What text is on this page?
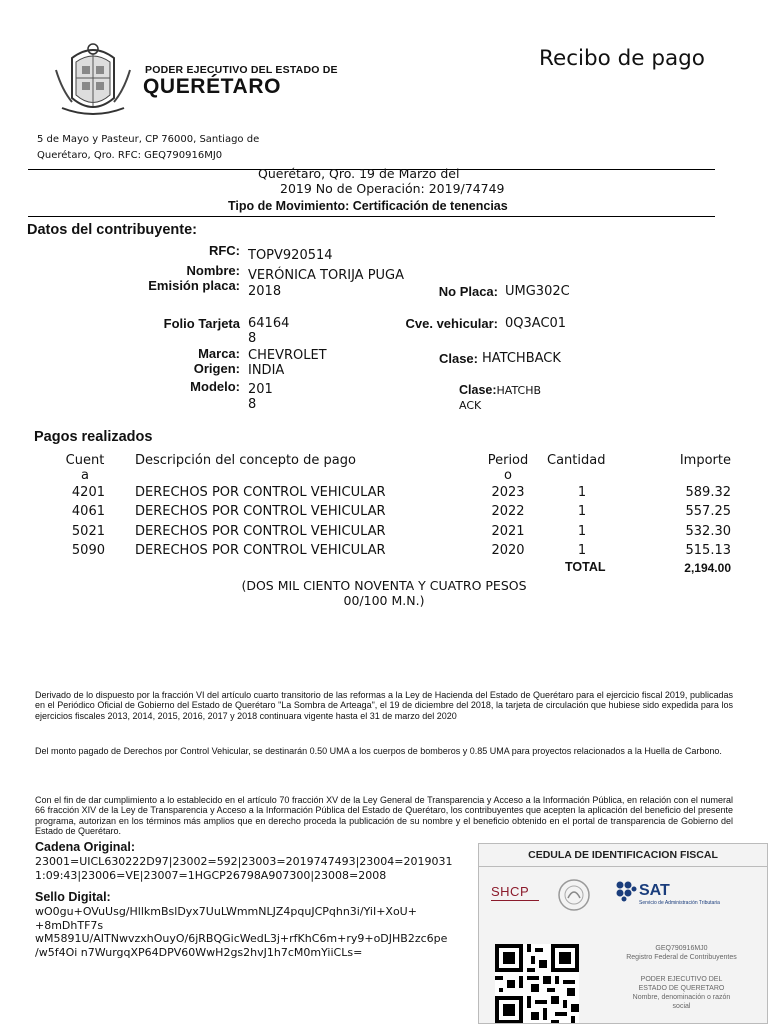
PODER EJECUTIVO DEL ESTADO DE
QUERÉTARO
Recibo de pago
5 de Mayo y Pasteur, CP 76000, Santiago de
Querétaro, Qro. RFC: GEQ790916MJ0
Querétaro, Qro. 19 de Marzo del
2019 No de Operación: 2019/74749
Tipo de Movimiento: Certificación de tenencias
Datos del contribuyente:
RFC: TOPV920514
Nombre: VERÓNICA TORIJA PUGA
Emisión placa: 2018	No Placa: UMG302C
Folio Tarjeta 64164
8
Cve. vehicular: 0Q3AC01
Marca: CHEVROLET	Clase: HATCHBACK
Origen: INDIA
Modelo: 201
8
Clase:HATCHB
ACK
Pagos realizados
Cuent
a
Descripción del concepto de pago	Period
o
Cantidad	Importe
4201 DERECHOS POR CONTROL VEHICULAR	2023	1	589.32
4061 DERECHOS POR CONTROL VEHICULAR	2022	1	557.25
5021 DERECHOS POR CONTROL VEHICULAR	2021	1	532.30
5090 DERECHOS POR CONTROL VEHICULAR	2020	1	515.13
TOTAL	2,194.00
(DOS MIL CIENTO NOVENTA Y CUATRO PESOS
00/100 M.N.)
Derivado de lo dispuesto por la fracción VI del artículo cuarto transitorio de las reformas a la Ley de Hacienda del Estado de Querétaro para el ejercicio fiscal 2019, publicadas en el Periódico Oficial de Gobierno del Estado de Querétaro "La Sombra de Arteaga", el 19 de diciembre del 2018, la tarjeta de circulación que hubiese sido expedida para los ejercicios fiscales 2013, 2014, 2015, 2016, 2017 y 2018 continuara vigente hasta el 31 de marzo del 2020
Del monto pagado de Derechos por Control Vehicular, se destinarán 0.50 UMA a los cuerpos de bomberos y 0.85 UMA para proyectos relacionados a la Huella de Carbono.
Con el fin de dar cumplimiento a lo establecido en el artículo 70 fracción XV de la Ley General de Transparencia y Acceso a la Información Pública, en relación con el numeral 66 fracción XIV de la Ley de Transparencia y Acceso a la Información Pública del Estado de Querétaro, los contribuyentes que acepten la aplicación del beneficio del presente programa, autorizan en los términos más amplios que en derecho proceda la publicación de su nombre y el beneficio obtenido en el portal de transparencia de Gobierno del Estado de Querétaro.
Cadena Original:
23001=UICL630222D97|23002=592|23003=2019747493|23004=2019031
1:09:43|23006=VE|23007=1HGCP26798A907300|23008=2008
Sello Digital:
wO0gu+OVuUsg/HllkmBslDyx7UuLWmmNLJZ4pquJCPqhn3i/YiI+XoU+
+8mDhTF7s
wM5891U/AITNwvzxhOuyO/6jRBQGicWedL3j+rfKhC6m+ry9+oDJHB2zc6pe
/w5f4Oi n7WurgqXP64DPV60WwH2gs2hvJ1h7cM0mYiiCLs=
CEDULA DE IDENTIFICACION FISCAL
SHCP	SAT
Servicio de Administración Tributaria
GEQ790916MJ0
Registro Federal de Contribuyentes
PODER EJECUTIVO DEL
ESTADO DE QUERETARO
Nombre, denominación o razón
social
